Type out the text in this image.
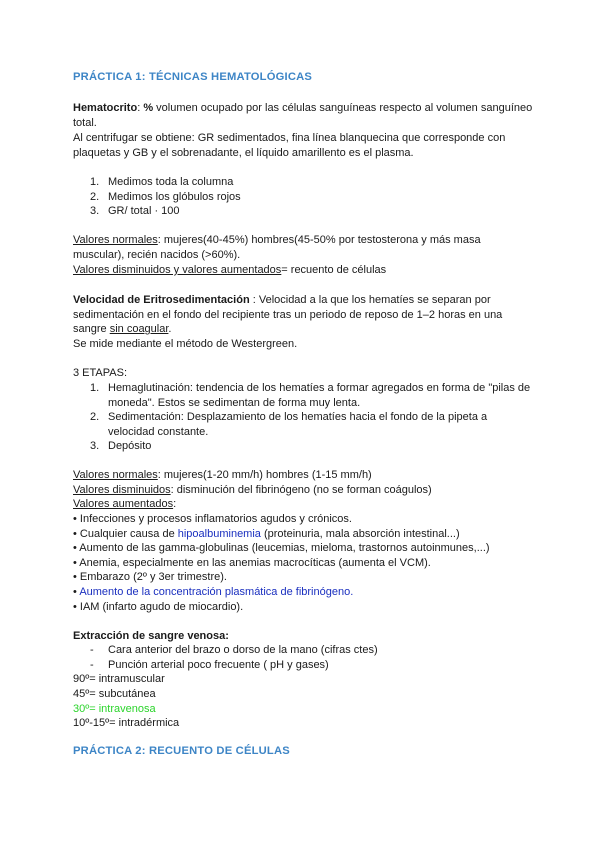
PRÁCTICA 1: TÉCNICAS HEMATOLÓGICAS
Hematocrito: % volumen ocupado por las células sanguíneas respecto al volumen sanguíneo total.
Al centrifugar se obtiene: GR sedimentados, fina línea blanquecina que corresponde con plaquetas y GB y el sobrenadante, el líquido amarillento es el plasma.
1. Medimos toda la columna
2. Medimos los glóbulos rojos
3. GR/ total · 100
Valores normales: mujeres(40-45%) hombres(45-50% por testosterona y más masa muscular), recién nacidos (>60%).
Valores disminuidos y valores aumentados= recuento de células
Velocidad de Eritrosedimentación : Velocidad a la que los hematíes se separan por sedimentación en el fondo del recipiente tras un periodo de reposo de 1–2 horas en una sangre sin coagular.
Se mide mediante el método de Westergreen.
3 ETAPAS:
1. Hemaglutinación: tendencia de los hematíes a formar agregados en forma de "pilas de moneda". Estos se sedimentan de forma muy lenta.
2. Sedimentación: Desplazamiento de los hematíes hacia el fondo de la pipeta a velocidad constante.
3. Depósito
Valores normales: mujeres(1-20 mm/h) hombres (1-15 mm/h)
Valores disminuidos: disminución del fibrinógeno (no se forman coágulos)
Valores aumentados:
• Infecciones y procesos inflamatorios agudos y crónicos.
• Cualquier causa de hipoalbuminemia (proteinuria, mala absorción intestinal...)
• Aumento de las gamma-globulinas (leucemias, mieloma, trastornos autoinmunes,...)
• Anemia, especialmente en las anemias macrocíticas (aumenta el VCM).
• Embarazo (2º y 3er trimestre).
• Aumento de la concentración plasmática de fibrinógeno.
• IAM (infarto agudo de miocardio).
Extracción de sangre venosa:
- Cara anterior del brazo o dorso de la mano (cifras ctes)
- Punción arterial poco frecuente ( pH y gases)
90º= intramuscular
45º= subcutánea
30º= intravenosa
10º-15º= intradérmica
PRÁCTICA 2: RECUENTO DE CÉLULAS
